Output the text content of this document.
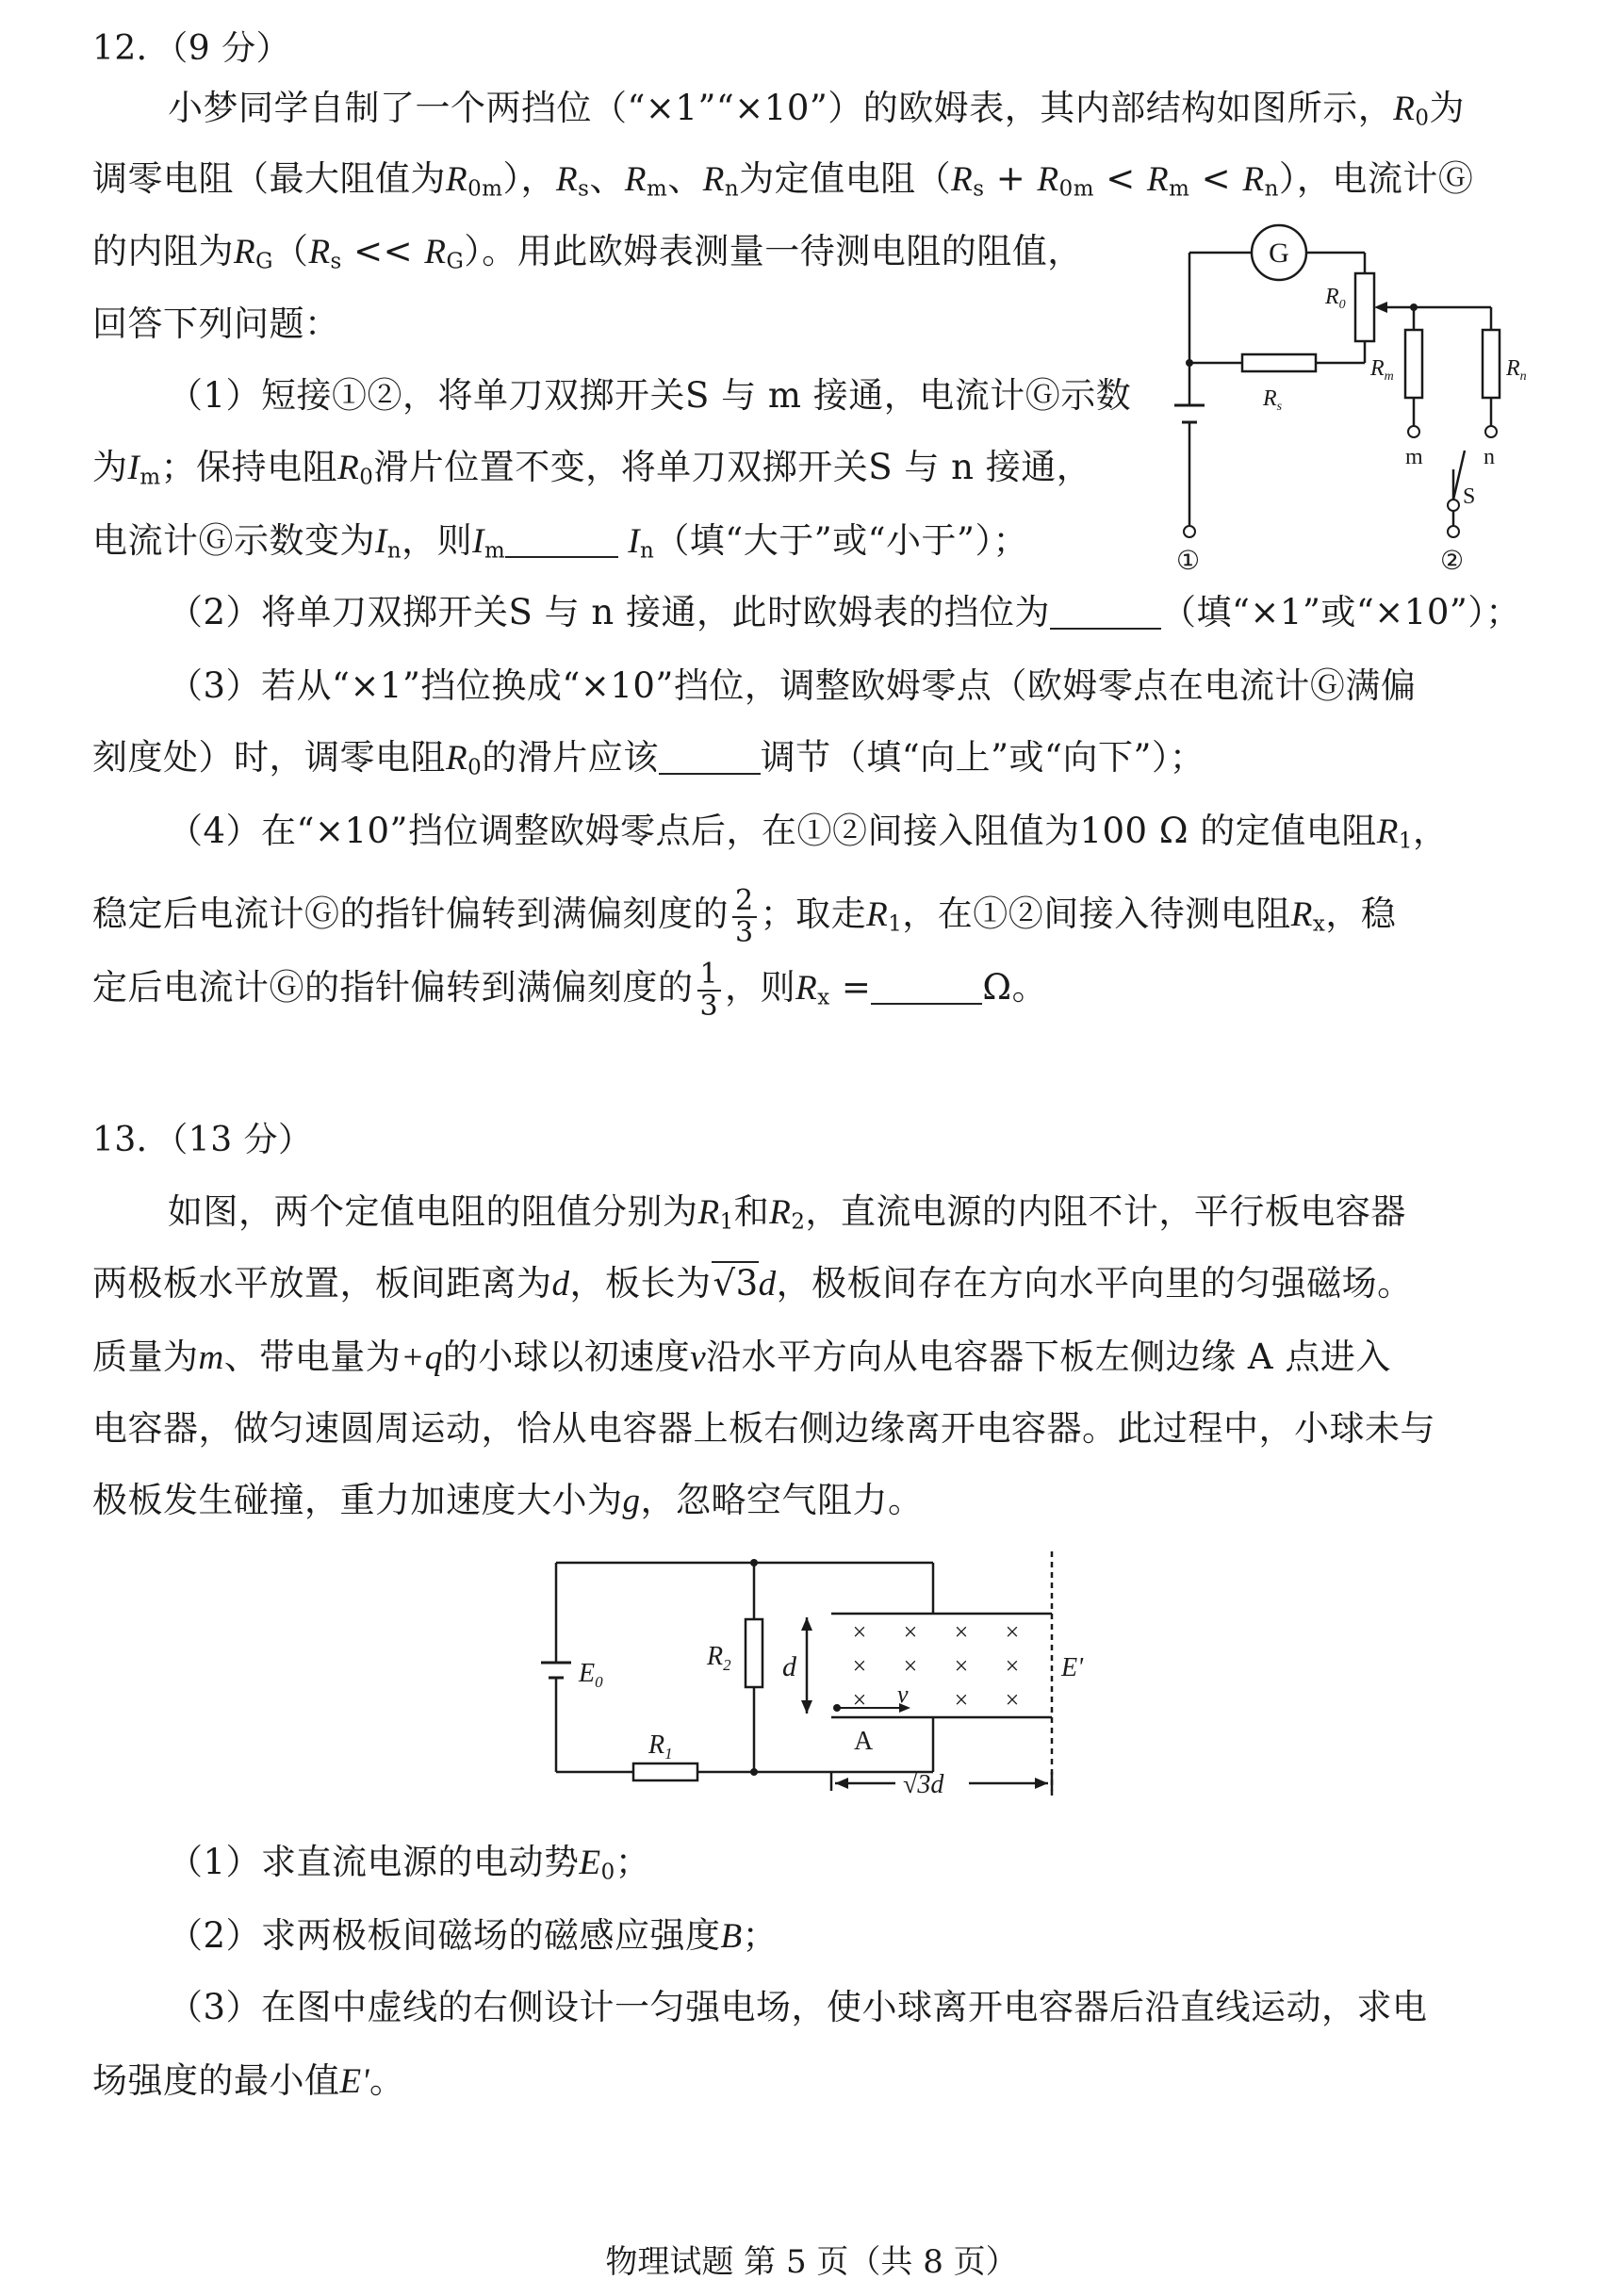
12．（9 分）
小梦同学自制了一个两挡位（“×1”“×10”）的欧姆表，其内部结构如图所示，$R_0$为
调零电阻（最大阻值为$R_{0m}$），$R_s$、$R_m$、$R_n$为定值电阻$(R_s + R_{0m} < R_m < R_n)$，电流计Ⓖ
的内阻为$R_G(R_s << R_G)$。用此欧姆表测量一待测电阻的阻值，
回答下列问题：
（1）短接①②，将单刀双掷开关S 与 m 接通，电流计Ⓖ示数
为$I_m$；保持电阻$R_0$滑片位置不变，将单刀双掷开关S 与 n 接通，
电流计Ⓖ示数变为$I_n$，则$I_m$	$I_n$（填“大于”或“小于”）；
（2）将单刀双掷开关S 与 n 接通，此时欧姆表的挡位为	（填“×1”或“×10”）；
（3）若从“×1”挡位换成“×10”挡位，调整欧姆零点（欧姆零点在电流计Ⓖ满偏
刻度处）时，调零电阻$R_0$的滑片应该	调节（填“向上”或“向下”）；
（4）在“×10”挡位调整欧姆零点后，在①②间接入阻值为100 Ω 的定值电阻$R_1$，
稳定后电流计Ⓖ的指针偏转到满偏刻度的 $\frac{2}{3}$ ；取走$R_1$，在①②间接入待测电阻$R_x$，稳
定后电流计Ⓖ的指针偏转到满偏刻度的 $\frac{1}{3}$ ，则$R_x$ =	Ω。
G
$R_0$
$R_s$
$R_m$	$R_n$
m	n
S
①	②
13．（13 分）
如图，两个定值电阻的阻值分别为$R_1$和$R_2$，直流电源的内阻不计，平行板电容器
两极板水平放置，板间距离为d，板长为√3d，极板间存在方向水平向里的匀强磁场。
质量为m、带电量为+q的小球以初速度v沿水平方向从电容器下板左侧边缘 A 点进入
电容器，做匀速圆周运动，恰从电容器上板右侧边缘离开电容器。此过程中，小球未与
极板发生碰撞，重力加速度大小为g，忽略空气阻力。
× × × ×
× × × ×
×	× ×
$E_0$
$R_2$
$R_1$
d
v
A
E'
√3d
（1）求直流电源的电动势$E_0$；
（2）求两极板间磁场的磁感应强度B；
（3）在图中虚线的右侧设计一匀强电场，使小球离开电容器后沿直线运动，求电
场强度的最小值E'。
物理试题 第 5 页（共 8 页）
